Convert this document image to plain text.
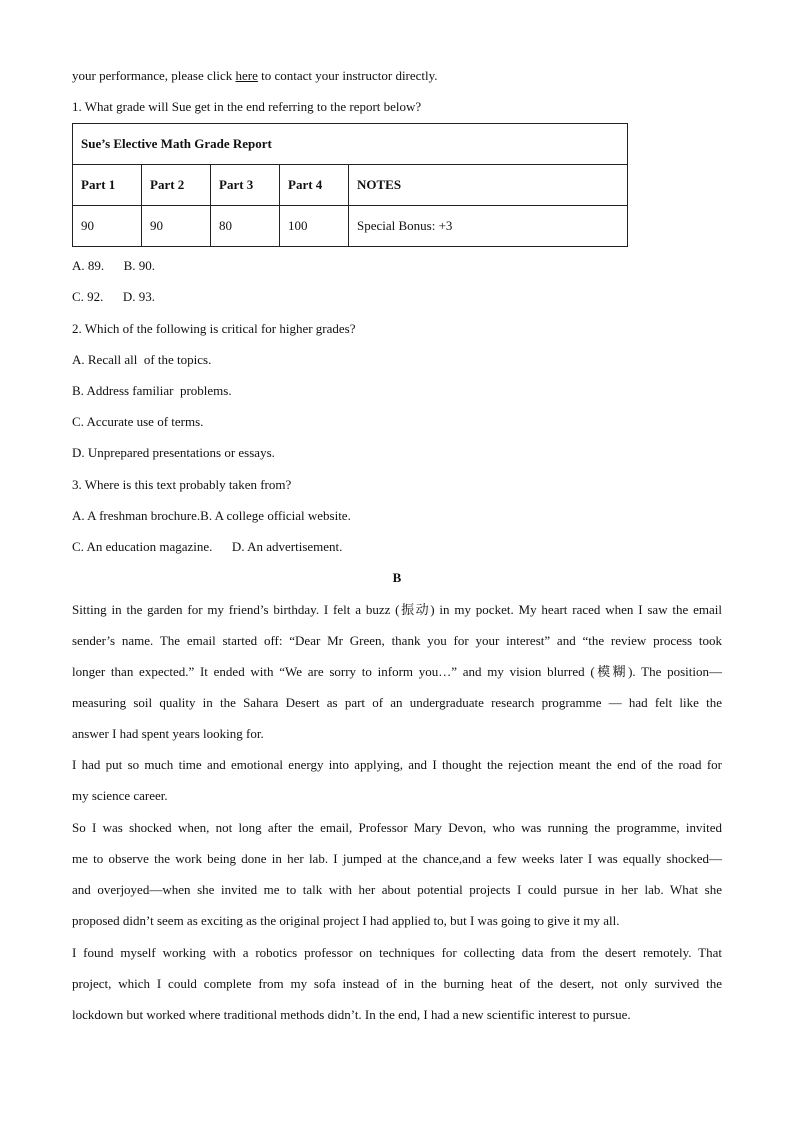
your performance, please click here to contact your instructor directly.
1. What grade will Sue get in the end referring to the report below?
Sue’s Elective Math Grade Report				
Part 1	Part 2	Part 3	Part 4	NOTES
90	90	80	100	Special Bonus: +3
A. 89.      B. 90.
C. 92.      D. 93.
2. Which of the following is critical for higher grades?
A. Recall all  of the topics.
B. Address familiar  problems.
C. Accurate use of terms.
D. Unprepared presentations or essays.
3. Where is this text probably taken from?
A. A freshman brochure.B. A college official website.
C. An education magazine.      D. An advertisement.
B
Sitting in the garden for my friend’s birthday. I felt a buzz (振动) in my pocket. My heart raced when I saw the email
sender’s name. The email started off: “Dear Mr Green, thank you for your interest” and “the review process took
longer than expected.” It ended with “We are sorry to inform you…” and my vision blurred (模糊). The position—
measuring soil quality in the Sahara Desert as part of an undergraduate research programme — had felt like the
answer I had spent years looking for.
I had put so much time and emotional energy into applying, and I thought the rejection meant the end of the road for
my science career.
So I was shocked when, not long after the email, Professor Mary Devon, who was running the programme, invited
me to observe the work being done in her lab. I jumped at the chance,and a few weeks later I was equally shocked—
and overjoyed—when she invited me to talk with her about potential projects I could pursue in her lab. What she
proposed didn’t seem as exciting as the original project I had applied to, but I was going to give it my all.
I found myself working with a robotics professor on techniques for collecting data from the desert remotely. That
project, which I could complete from my sofa instead of in the burning heat of the desert, not only survived the
lockdown but worked where traditional methods didn’t. In the end, I had a new scientific interest to pursue.
